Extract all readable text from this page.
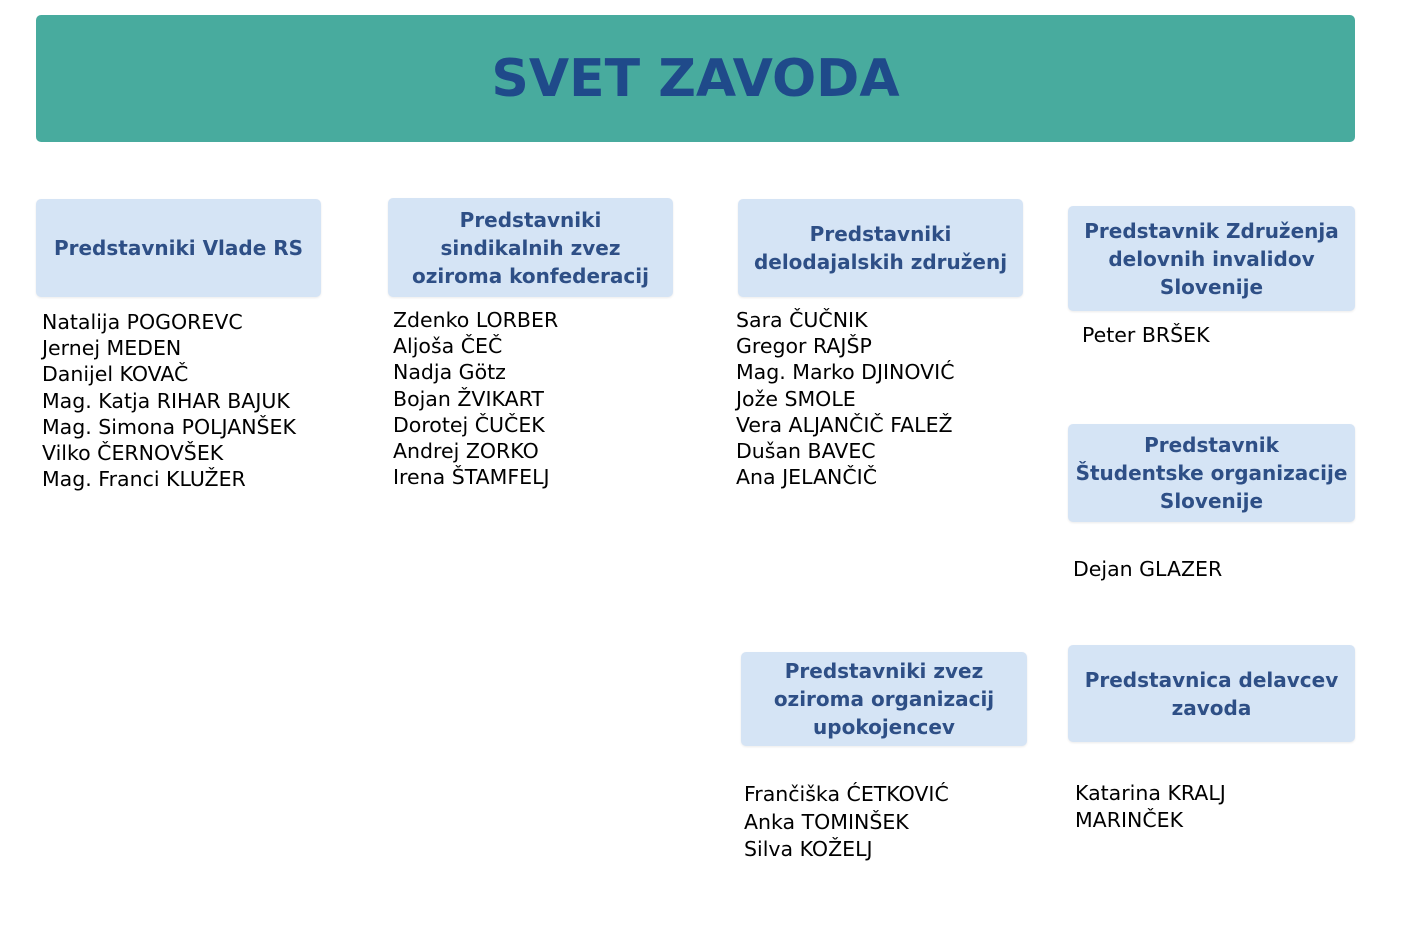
SVET ZAVODA
Predstavniki Vlade RS
Natalija POGOREVC
Jernej MEDEN
Danijel KOVAČ
Mag. Katja RIHAR BAJUK
Mag. Simona POLJANŠEK
Vilko ČERNOVŠEK
Mag. Franci KLUŽER
Predstavniki
sindikalnih zvez
oziroma konfederacij
Zdenko LORBER
Aljoša ČEČ
Nadja Götz
Bojan ŽVIKART
Dorotej ČUČEK
Andrej ZORKO
Irena ŠTAMFELJ
Predstavniki
delodajalskih združenj
Sara ČUČNIK
Gregor RAJŠP
Mag. Marko DJINOVIĆ
Jože SMOLE
Vera ALJANČIČ FALEŽ
Dušan BAVEC
Ana JELANČIČ
Predstavnik Združenja
delovnih invalidov
Slovenije
Peter BRŠEK
Predstavnik
Študentske organizacije
Slovenije
Dejan GLAZER
Predstavniki zvez
oziroma organizacij
upokojencev
Frančiška ĆETKOVIĆ
Anka TOMINŠEK
Silva KOŽELJ
Predstavnica delavcev
zavoda
Katarina KRALJ
MARINČEK
